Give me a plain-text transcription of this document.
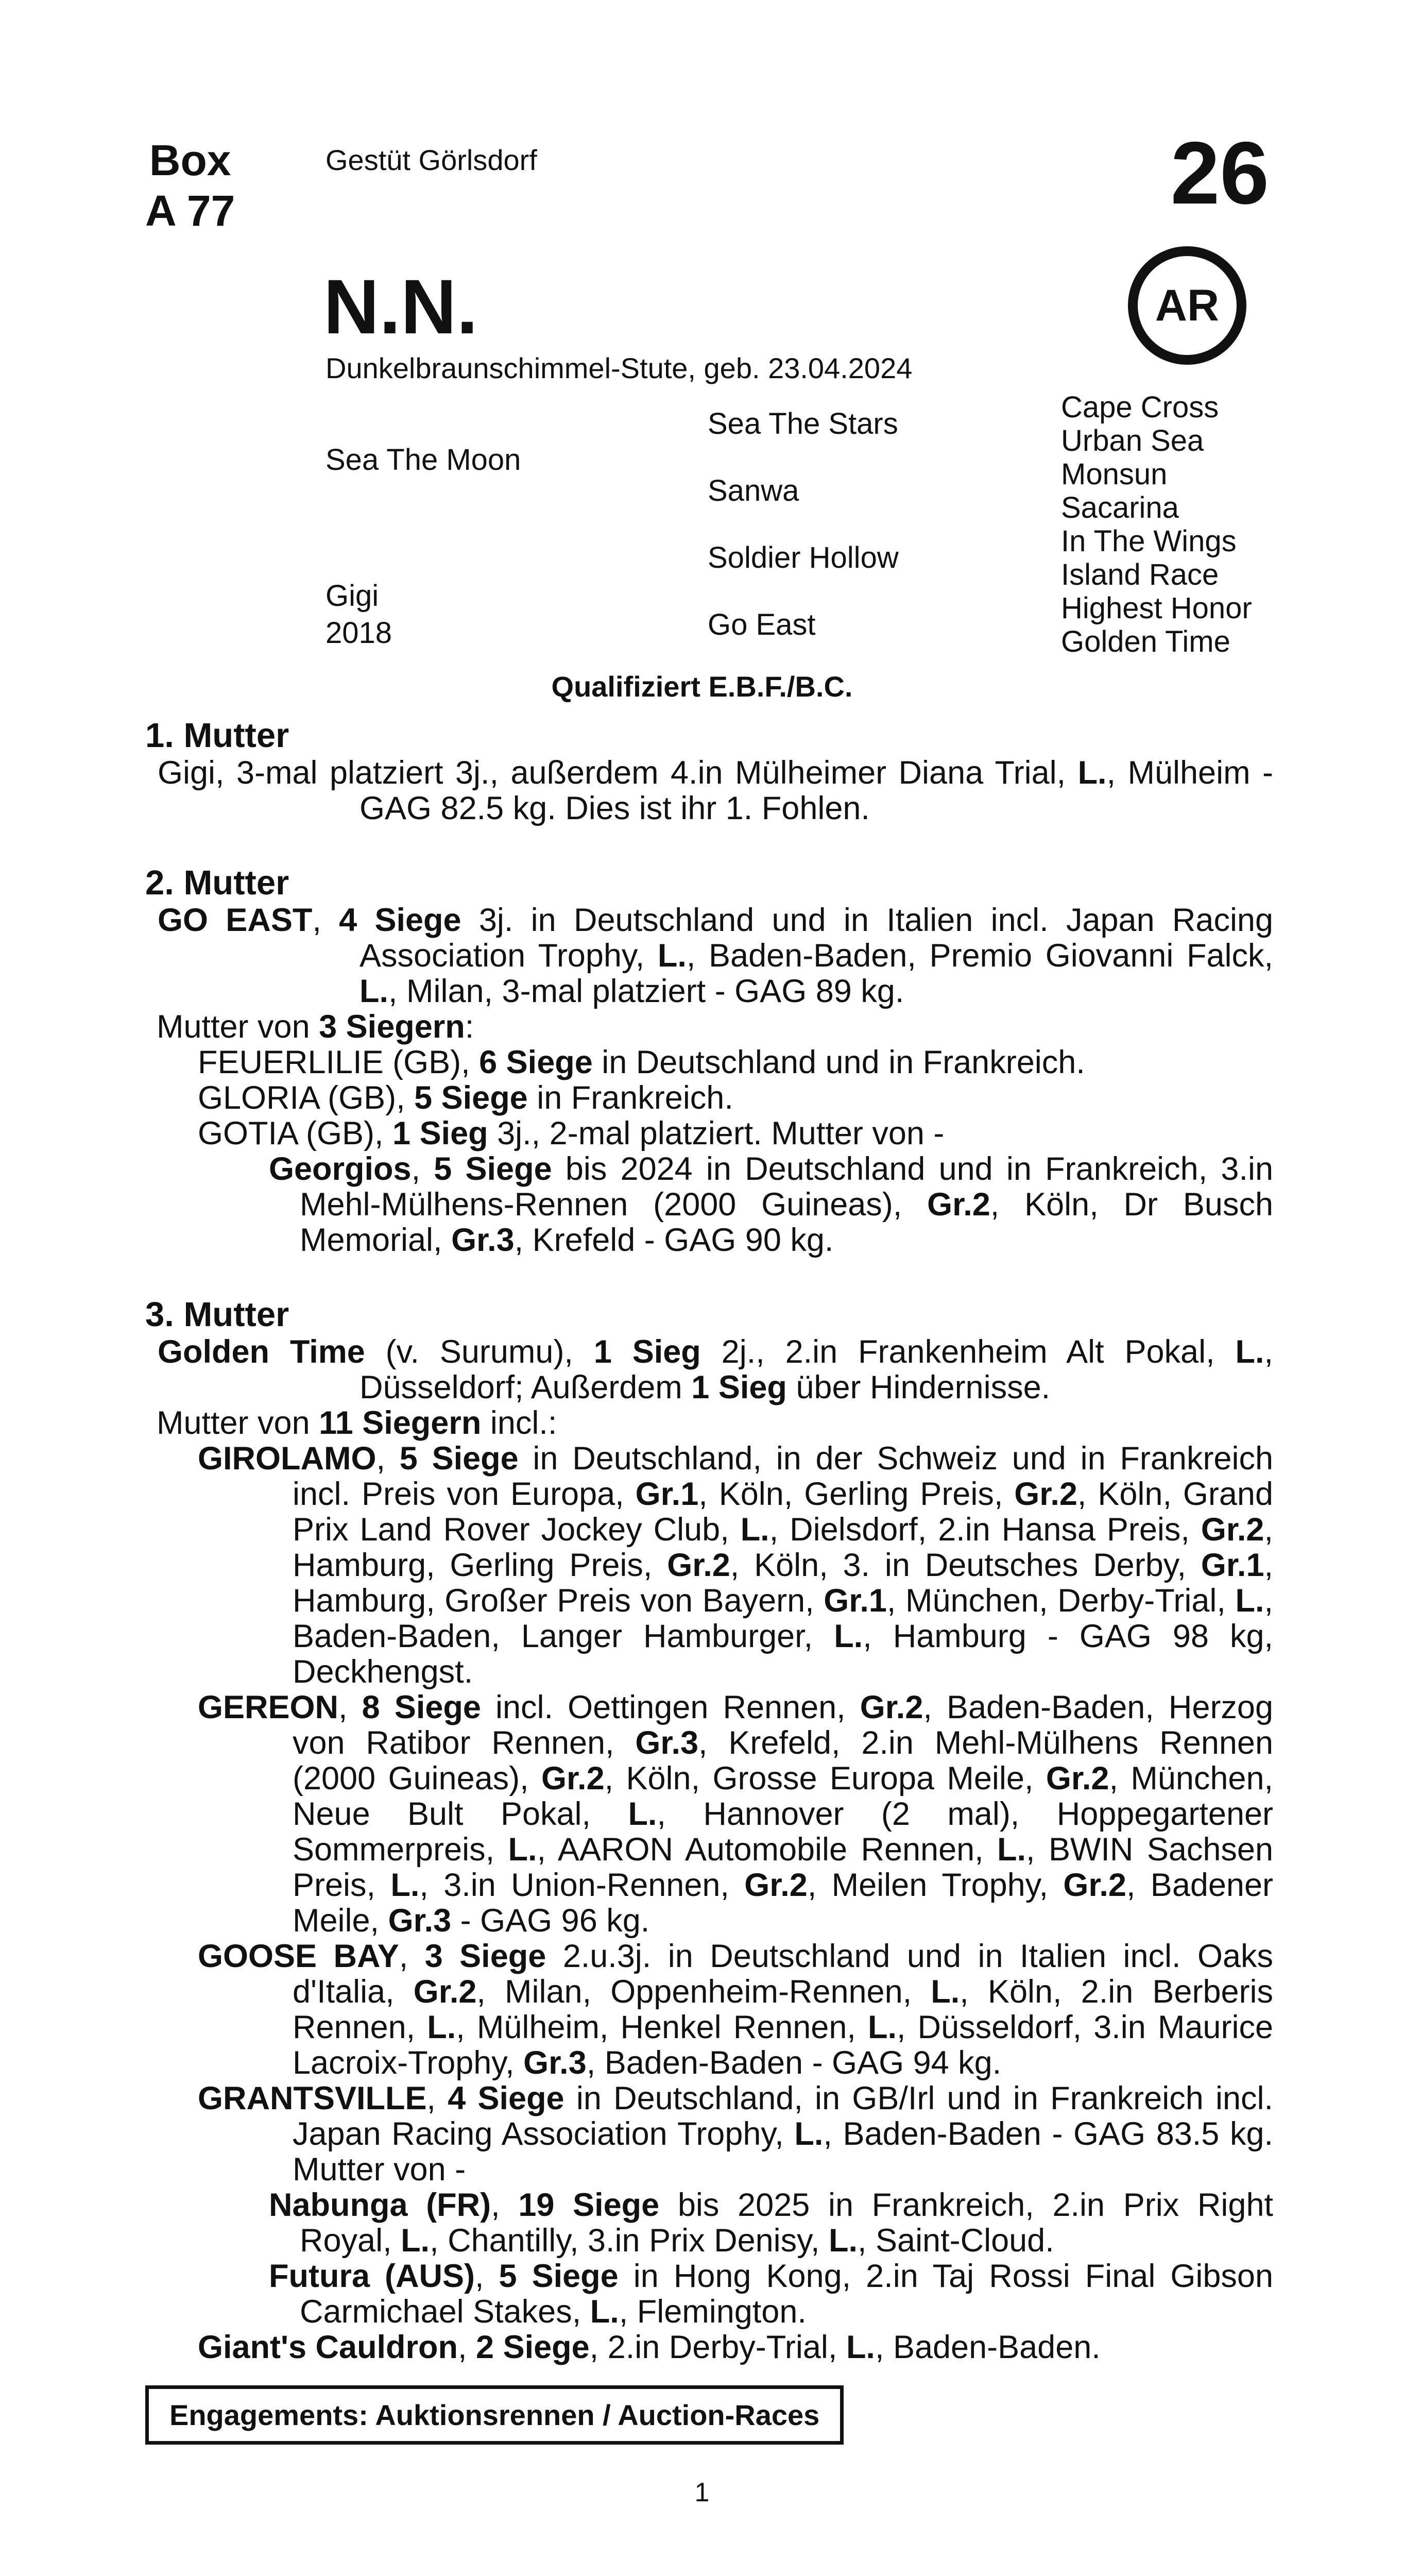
Box
A 77
Gestüt Görlsdorf	26
AR
N.N.
Dunkelbraunschimmel-Stute, geb. 23.04.2024
Sea The Moon
Gigi
2018
Sea The Stars
Sanwa
Soldier Hollow
Go East
Cape Cross
Urban Sea
Monsun
Sacarina
In The Wings
Island Race
Highest Honor
Golden Time
Qualifiziert E.B.F./B.C.
1. Mutter

Gigi, 3-mal platziert 3j., außerdem 4.in Mülheimer Diana Trial, L., Mülheim - GAG 82.5 kg. Dies ist ihr 1. Fohlen.

2. Mutter

GO EAST, 4 Siege 3j. in Deutschland und in Italien incl. Japan Racing Association Trophy, L., Baden-Baden, Premio Giovanni Falck, L., Milan, 3-mal platziert - GAG 89 kg.

Mutter von 3 Siegern:

FEUERLILIE (GB), 6 Siege in Deutschland und in Frankreich.

GLORIA (GB), 5 Siege in Frankreich.

GOTIA (GB), 1 Sieg 3j., 2-mal platziert. Mutter von -

Georgios, 5 Siege bis 2024 in Deutschland und in Frankreich, 3.in Mehl-Mülhens-Rennen (2000 Guineas), Gr.2, Köln, Dr Busch Memorial, Gr.3, Krefeld - GAG 90 kg.

3. Mutter

Golden Time (v. Surumu), 1 Sieg 2j., 2.in Frankenheim Alt Pokal, L., Düsseldorf; Außerdem 1 Sieg über Hindernisse.

Mutter von 11 Siegern incl.:

GIROLAMO, 5 Siege in Deutschland, in der Schweiz und in Frankreich incl. Preis von Europa, Gr.1, Köln, Gerling Preis, Gr.2, Köln, Grand Prix Land Rover Jockey Club, L., Dielsdorf, 2.in Hansa Preis, Gr.2, Hamburg, Gerling Preis, Gr.2, Köln, 3. in Deutsches Derby, Gr.1, Hamburg, Großer Preis von Bayern, Gr.1, München, Derby-Trial, L., Baden-Baden, Langer Hamburger, L., Hamburg - GAG 98 kg, Deckhengst.

GEREON, 8 Siege incl. Oettingen Rennen, Gr.2, Baden-Baden, Herzog von Ratibor Rennen, Gr.3, Krefeld, 2.in Mehl-Mülhens Rennen (2000 Guineas), Gr.2, Köln, Grosse Europa Meile, Gr.2, München, Neue Bult Pokal, L., Hannover (2 mal), Hoppegartener Sommerpreis, L., AARON Automobile Rennen, L., BWIN Sachsen Preis, L., 3.in Union-Rennen, Gr.2, Meilen Trophy, Gr.2, Badener Meile, Gr.3 - GAG 96 kg.

GOOSE BAY, 3 Siege 2.u.3j. in Deutschland und in Italien incl. Oaks d'Italia, Gr.2, Milan, Oppenheim-Rennen, L., Köln, 2.in Berberis Rennen, L., Mülheim, Henkel Rennen, L., Düsseldorf, 3.in Maurice Lacroix-Trophy, Gr.3, Baden-Baden - GAG 94 kg.

GRANTSVILLE, 4 Siege in Deutschland, in GB/Irl und in Frankreich incl. Japan Racing Association Trophy, L., Baden-Baden - GAG 83.5 kg. Mutter von -

Nabunga (FR), 19 Siege bis 2025 in Frankreich, 2.in Prix Right Royal, L., Chantilly, 3.in Prix Denisy, L., Saint-Cloud.

Futura (AUS), 5 Siege in Hong Kong, 2.in Taj Rossi Final Gibson Carmichael Stakes, L., Flemington.

Giant's Cauldron, 2 Siege, 2.in Derby-Trial, L., Baden-Baden.

Engagements: Auktionsrennen / Auction-Races
1
